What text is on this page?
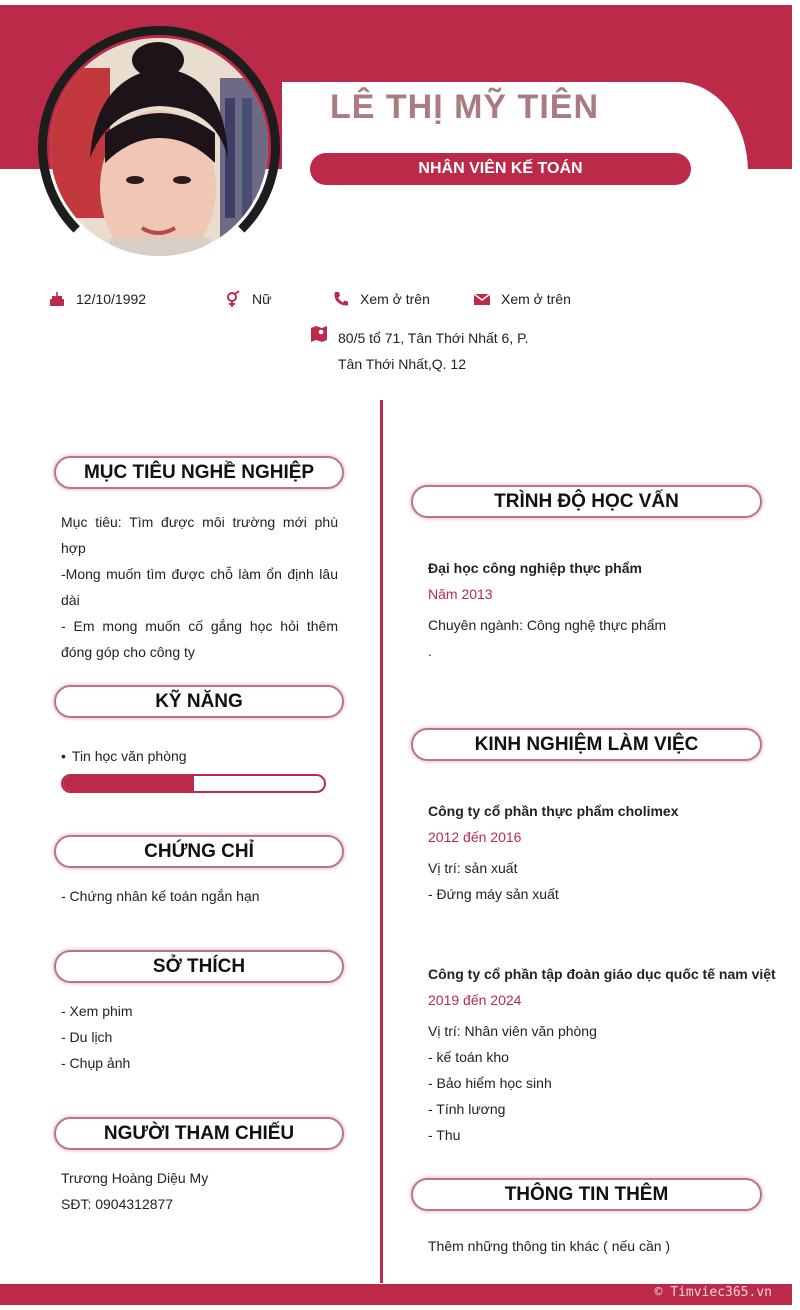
LÊ THỊ MỸ TIÊN
NHÂN VIÊN KẾ TOÁN
12/10/1992	Nữ	Xem ở trên	Xem ở trên
80/5 tổ 71, Tân Thới Nhất 6, P.
Tân Thới Nhất,Q. 12
MỤC TIÊU NGHỀ NGHIỆP
Mục tiêu: Tìm được môi trường mới phù hợp
-Mong muốn tìm được chỗ làm ổn định lâu dài
- Em mong muốn cố gắng học hỏi thêm đóng góp cho công ty
KỸ NĂNG
• Tin học văn phòng
CHỨNG CHỈ
- Chứng nhân kế toán ngắn hạn
SỞ THÍCH
- Xem phim
- Du lịch
- Chụp ảnh
NGƯỜI THAM CHIẾU
Trương Hoàng Diệu My
SĐT: 0904312877
TRÌNH ĐỘ HỌC VẤN
Đại học công nghiệp thực phẩm
Năm 2013
Chuyên ngành: Công nghệ thực phẩm
.
KINH NGHIỆM LÀM VIỆC
Công ty cổ phần thực phẩm cholimex
2012 đến 2016
Vị trí: sản xuất
- Đứng máy sản xuất
Công ty cổ phần tập đoàn giáo dục quốc tế nam việt
2019 đến 2024
Vị trí: Nhân viên văn phòng
- kế toán kho
- Bảo hiểm học sinh
- Tính lương
- Thu
THÔNG TIN THÊM
Thêm những thông tin khác ( nếu cần )
© Timviec365.vn
